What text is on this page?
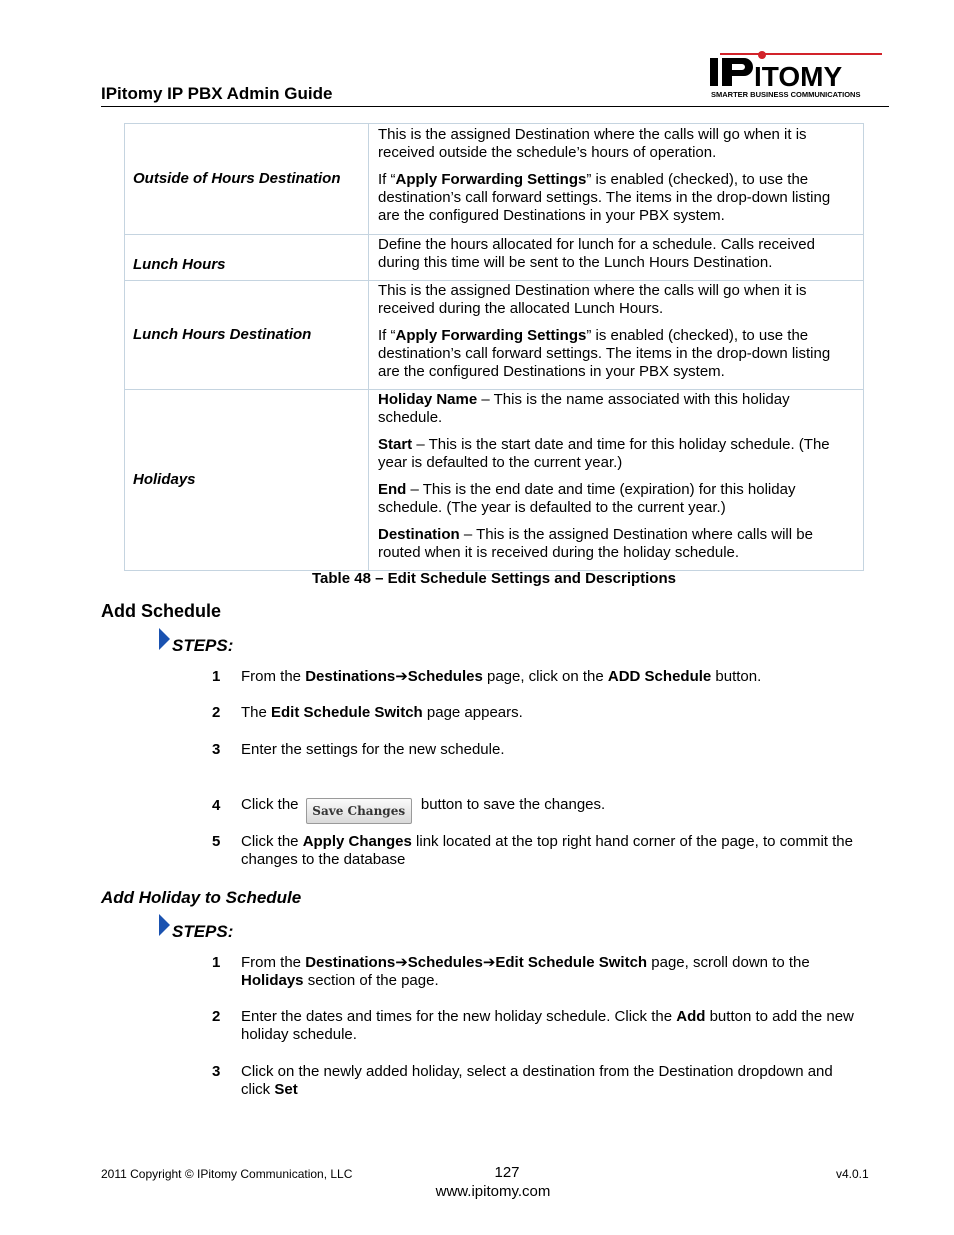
IPitomy IP PBX Admin Guide
ITOMY
SMARTER BUSINESS COMMUNICATIONS
Outside of Hours Destination	This is the assigned Destination where the calls will go when it is received outside the schedule’s hours of operation.

If “Apply Forwarding Settings” is enabled (checked), to use the destination’s call forward settings. The items in the drop-down listing are the configured Destinations in your PBX system.

Lunch Hours	Define the hours allocated for lunch for a schedule. Calls received during this time will be sent to the Lunch Hours Destination.

Lunch Hours Destination	This is the assigned Destination where the calls will go when it is received during the allocated Lunch Hours.

If “Apply Forwarding Settings” is enabled (checked), to use the destination’s call forward settings. The items in the drop-down listing are the configured Destinations in your PBX system.

Holidays	Holiday Name – This is the name associated with this holiday schedule.

Start – This is the start date and time for this holiday schedule. (The year is defaulted to the current year.)

End – This is the end date and time (expiration) for this holiday schedule. (The year is defaulted to the current year.)

Destination – This is the assigned Destination where calls will be routed when it is received during the holiday schedule.

Table 48 – Edit Schedule Settings and Descriptions
Add Schedule
STEPS:
1 From the Destinations➔Schedules page, click on the ADD Schedule button.
2 The Edit Schedule Switch page appears.
3 Enter the settings for the new schedule.
4 Click the Save Changes button to save the changes.
5 Click the Apply Changes link located at the top right hand corner of the page, to commit the changes to the database
Add Holiday to Schedule
STEPS:
1 From the Destinations➔Schedules➔Edit Schedule Switch page, scroll down to the Holidays section of the page.
2 Enter the dates and times for the new holiday schedule. Click the Add button to add the new holiday schedule.
3 Click on the newly added holiday, select a destination from the Destination dropdown and click Set
2011 Copyright © IPitomy Communication, LLC	127
www.ipitomy.com
v4.0.1
